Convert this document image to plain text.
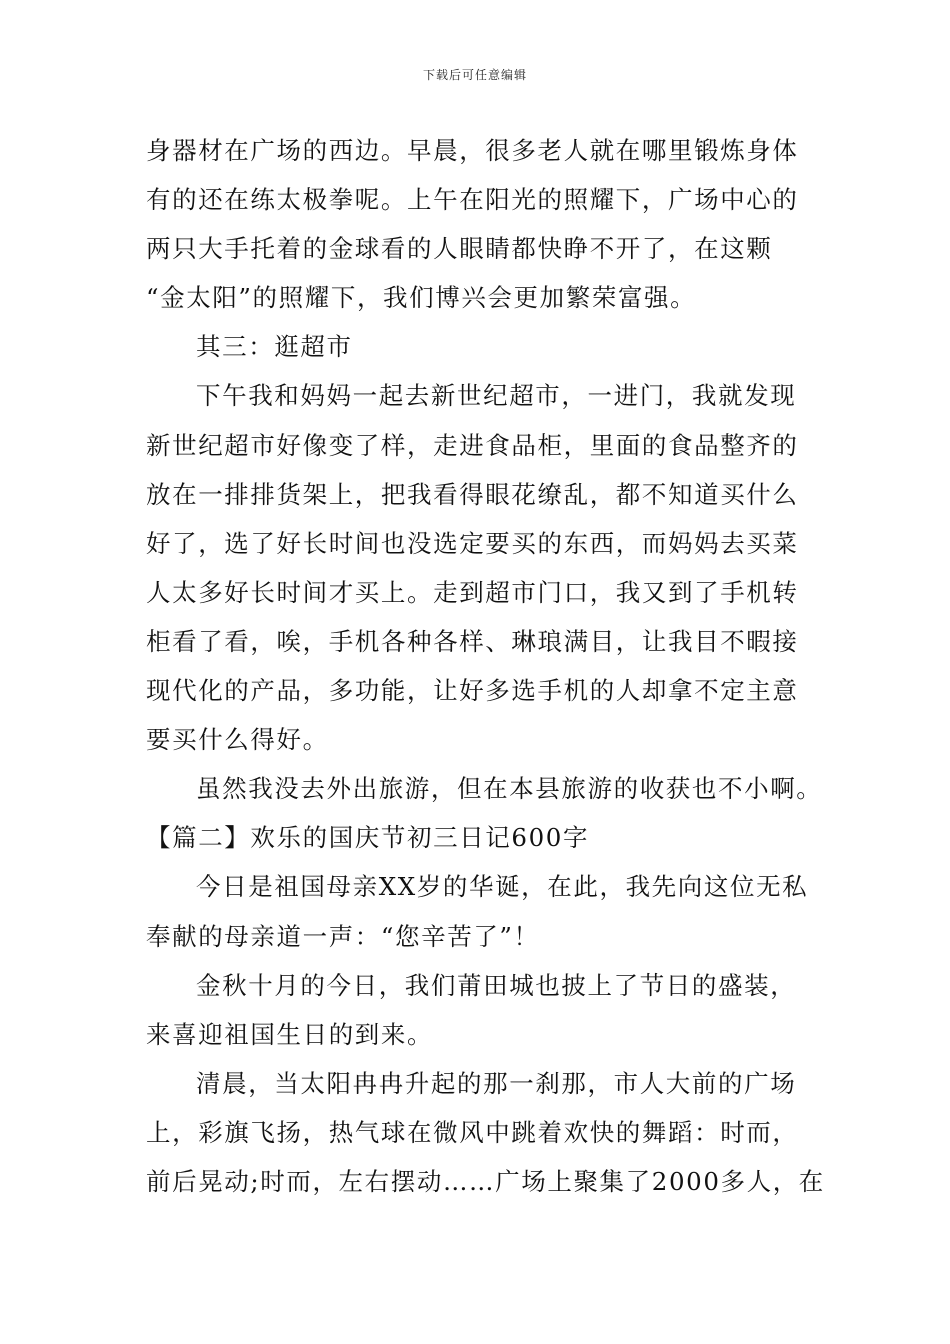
下载后可任意编辑
身器材在广场的西边。早晨，很多老人就在哪里锻炼身体
有的还在练太极拳呢。上午在阳光的照耀下，广场中心的
两只大手托着的金球看的人眼睛都快睁不开了，在这颗
“金太阳”的照耀下，我们博兴会更加繁荣富强。
其三：逛超市
下午我和妈妈一起去新世纪超市，一进门，我就发现
新世纪超市好像变了样，走进食品柜，里面的食品整齐的
放在一排排货架上，把我看得眼花缭乱，都不知道买什么
好了，选了好长时间也没选定要买的东西，而妈妈去买菜
人太多好长时间才买上。走到超市门口，我又到了手机转
柜看了看，唉，手机各种各样、琳琅满目，让我目不暇接
现代化的产品，多功能，让好多选手机的人却拿不定主意
要买什么得好。
虽然我没去外出旅游，但在本县旅游的收获也不小啊。
【篇二】欢乐的国庆节初三日记600字
今日是祖国母亲XX岁的华诞，在此，我先向这位无私
奉献的母亲道一声：“您辛苦了”！
金秋十月的今日，我们莆田城也披上了节日的盛装，
来喜迎祖国生日的到来。
清晨，当太阳冉冉升起的那一刹那，市人大前的广场
上，彩旗飞扬，热气球在微风中跳着欢快的舞蹈：时而，
前后晃动;时而，左右摆动……广场上聚集了2000多人，在
